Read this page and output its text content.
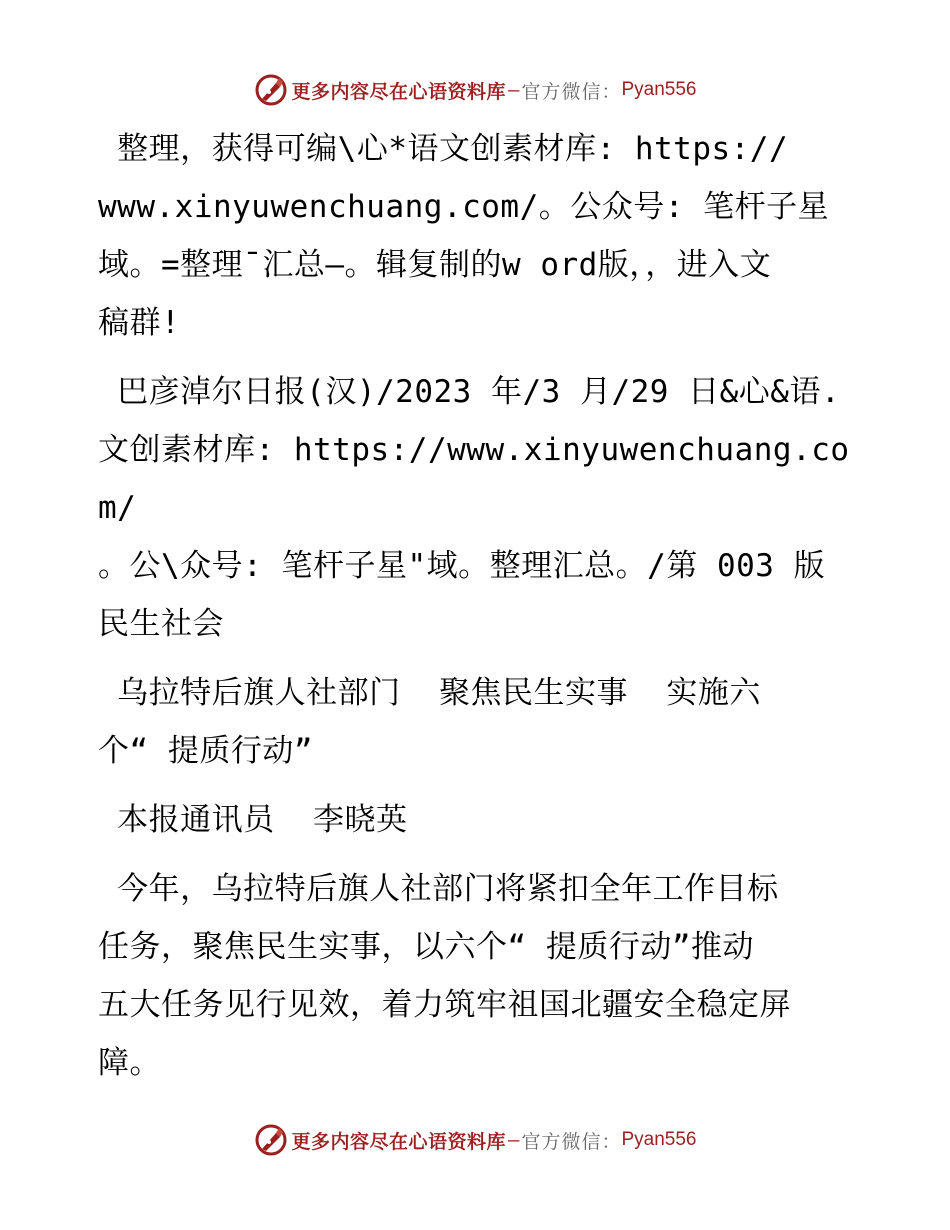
更多内容尽在心语资料库 — 官方微信： Pyan556

整理，获得可编\心*语文创素材库: https://
www.xinyuwenchuang.com/。公众号: 笔杆子星
域。=整理¯汇总—。辑复制的w ord版，，进入文
稿群!

巴彦淖尔日报(汉)/2023 年/3 月/29 日&心&语.
文创素材库: https://www.xinyuwenchuang.com/
。公\众号: 笔杆子星"域。整理汇总。/第 003 版
民生社会

乌拉特后旗人社部门  聚焦民生实事  实施六
个“ 提质行动”

本报通讯员  李晓英

今年，乌拉特后旗人社部门将紧扣全年工作目标
任务，聚焦民生实事，以六个“ 提质行动”推动
五大任务见行见效，着力筑牢祖国北疆安全稳定屏
障。

更多内容尽在心语资料库 — 官方微信： Pyan556
